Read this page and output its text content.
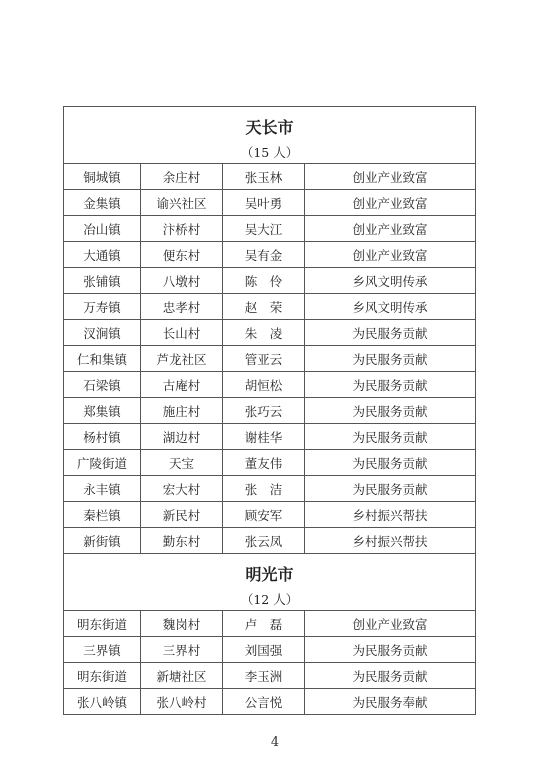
天长市			
（15 人）			
铜城镇	余庄村	张玉林	创业产业致富
金集镇	谕兴社区	吴叶勇	创业产业致富
冶山镇	汴桥村	吴大江	创业产业致富
大通镇	便东村	吴有金	创业产业致富
张铺镇	八墩村	陈　伶	乡风文明传承
万寿镇	忠孝村	赵　荣	乡风文明传承
汊涧镇	长山村	朱　凌	为民服务贡献
仁和集镇	芦龙社区	管亚云	为民服务贡献
石梁镇	古庵村	胡恒松	为民服务贡献
郑集镇	施庄村	张巧云	为民服务贡献
杨村镇	湖边村	谢桂华	为民服务贡献
广陵街道	天宝	董友伟	为民服务贡献
永丰镇	宏大村	张　洁	为民服务贡献
秦栏镇	新民村	顾安军	乡村振兴帮扶
新街镇	勤东村	张云凤	乡村振兴帮扶
明光市			
（12 人）			
明东街道	魏岗村	卢　磊	创业产业致富
三界镇	三界村	刘国强	为民服务贡献
明东街道	新塘社区	李玉洲	为民服务贡献
张八岭镇	张八岭村	公言悦	为民服务奉献
4
